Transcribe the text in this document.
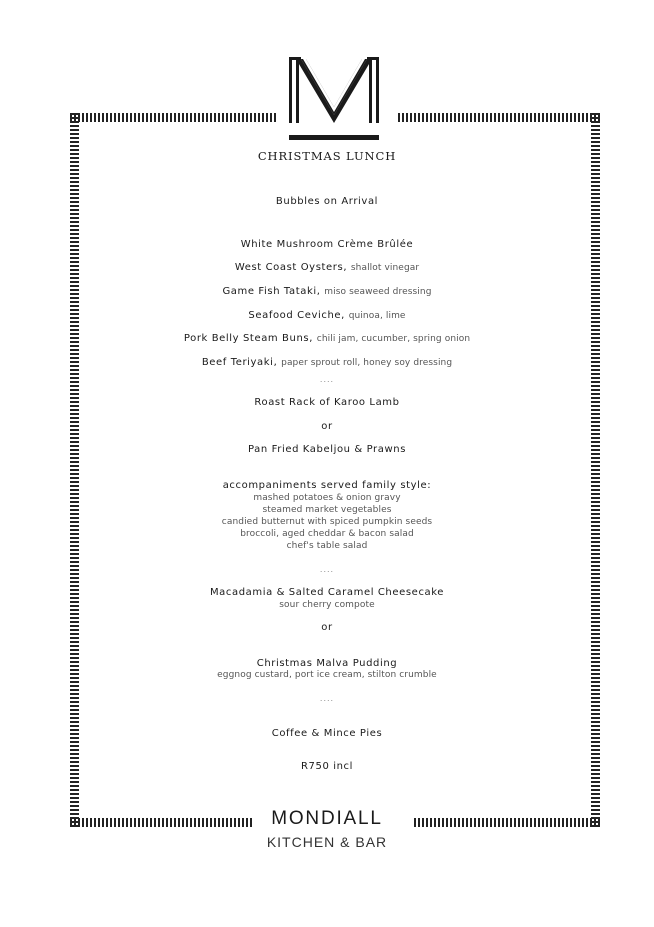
CHRISTMAS LUNCH
Bubbles on Arrival
White Mushroom Crème Brûlée
West Coast Oysters, shallot vinegar
Game Fish Tataki, miso seaweed dressing
Seafood Ceviche, quinoa, lime
Pork Belly Steam Buns, chili jam, cucumber, spring onion
Beef Teriyaki, paper sprout roll, honey soy dressing
....
Roast Rack of Karoo Lamb
or
Pan Fried Kabeljou & Prawns
accompaniments served family style:
mashed potatoes & onion gravy
steamed market vegetables
candied butternut with spiced pumpkin seeds
broccoli, aged cheddar & bacon salad
chef's table salad
....
Macadamia & Salted Caramel Cheesecake
sour cherry compote
or
Christmas Malva Pudding
eggnog custard, port ice cream, stilton crumble
....
Coffee & Mince Pies
R750 incl
MONDIALL
KITCHEN & BAR
